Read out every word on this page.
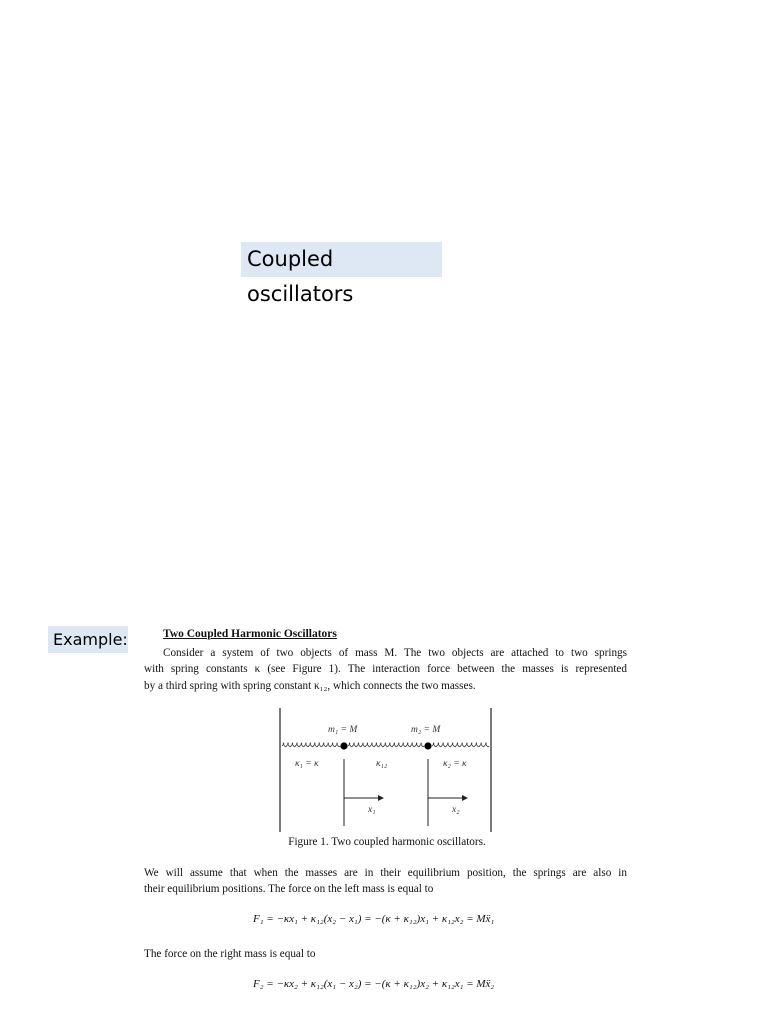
Coupled oscillators
Example:	Two Coupled Harmonic Oscillators
Consider a system of two objects of mass M. The two objects are attached to two springs
with spring constants κ (see Figure 1). The interaction force between the masses is represented
by a third spring with spring constant κ₁₂, which connects the two masses.
m₁ = M	m₂ = M
κ₁ = κ	κ₁₂	κ₂ = κ
x₁	x₂
Figure 1. Two coupled harmonic oscillators.
We will assume that when the masses are in their equilibrium position, the springs are also in
their equilibrium positions. The force on the left mass is equal to
F₁ = −κx₁ + κ₁₂(x₂ − x₁) = −(κ + κ₁₂)x₁ + κ₁₂x₂ = Mẍ₁
The force on the right mass is equal to
F₂ = −κx₂ + κ₁₂(x₁ − x₂) = −(κ + κ₁₂)x₂ + κ₁₂x₁ = Mẍ₂
